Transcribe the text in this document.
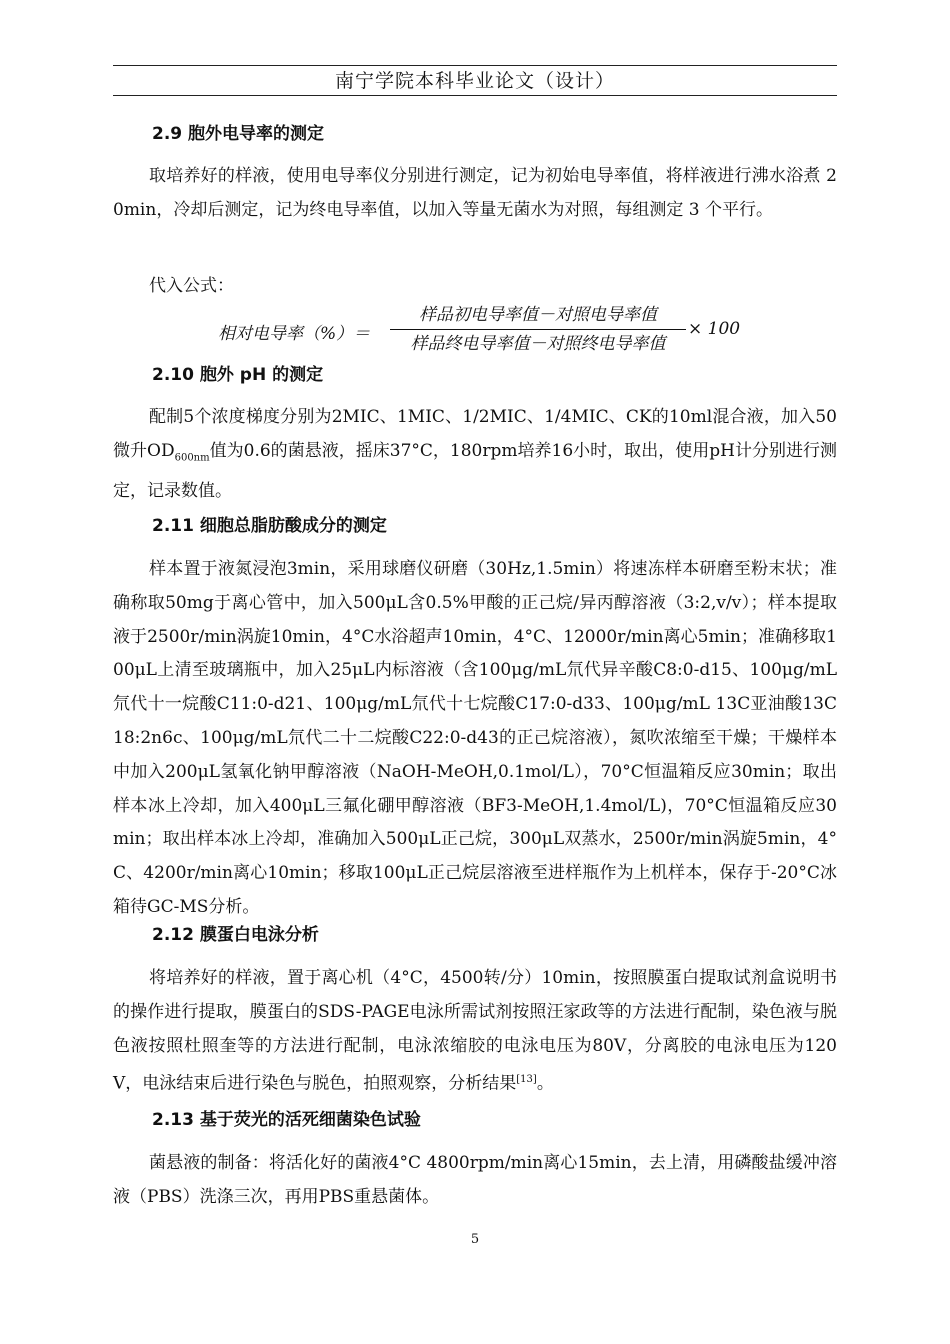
南宁学院本科毕业论文（设计）
2.9 胞外电导率的测定
取培养好的样液，使用电导率仪分别进行测定，记为初始电导率值，将样液进行沸水浴煮 20min，冷却后测定，记为终电导率值，以加入等量无菌水为对照，每组测定 3 个平行。
代入公式：
相对电导率（%）＝
样品初电导率值－对照电导率值
样品终电导率值－对照终电导率值
× 100
2.10 胞外 pH 的测定
配制5个浓度梯度分别为2MIC、1MIC、1/2MIC、1/4MIC、CK的10ml混合液，加入50微升$OD_{600nm}$值为0.6的菌悬液，摇床37°C，180rpm培养16小时，取出，使用pH计分别进行测定，记录数值。
2.11 细胞总脂肪酸成分的测定
样本置于液氮浸泡3min，采用球磨仪研磨（30Hz,1.5min）将速冻样本研磨至粉末状；准确称取50mg于离心管中，加入500μL含0.5%甲酸的正己烷/异丙醇溶液（3:2,v/v）；样本提取液于2500r/min涡旋10min，4°C水浴超声10min，4°C、12000r/min离心5min；准确移取100μL上清至玻璃瓶中，加入25μL内标溶液（含100μg/mL氘代异辛酸C8:0-d15、100μg/mL氘代十一烷酸C11:0-d21、100μg/mL氘代十七烷酸C17:0-d33、100μg/mL 13C亚油酸13C18:2n6c、100μg/mL氘代二十二烷酸C22:0-d43的正己烷溶液），氮吹浓缩至干燥；干燥样本中加入200μL氢氧化钠甲醇溶液（NaOH-MeOH,0.1mol/L），70°C恒温箱反应30min；取出样本冰上冷却，加入400μL三氟化硼甲醇溶液（BF3-MeOH,1.4mol/L)，70°C恒温箱反应30min；取出样本冰上冷却，准确加入500μL正己烷，300μL双蒸水，2500r/min涡旋5min，4°C、4200r/min离心10min；移取100μL正己烷层溶液至进样瓶作为上机样本，保存于-20°C冰箱待GC-MS分析。
2.12 膜蛋白电泳分析
将培养好的样液，置于离心机（4°C，4500转/分）10min，按照膜蛋白提取试剂盒说明书的操作进行提取，膜蛋白的SDS-PAGE电泳所需试剂按照汪家政等的方法进行配制，染色液与脱色液按照杜照奎等的方法进行配制，电泳浓缩胶的电泳电压为80V，分离胶的电泳电压为120V，电泳结束后进行染色与脱色，拍照观察，分析结果[13]。
2.13 基于荧光的活死细菌染色试验
菌悬液的制备：将活化好的菌液4°C 4800rpm/min离心15min，去上清，用磷酸盐缓冲溶液（PBS）洗涤三次，再用PBS重悬菌体。
5
